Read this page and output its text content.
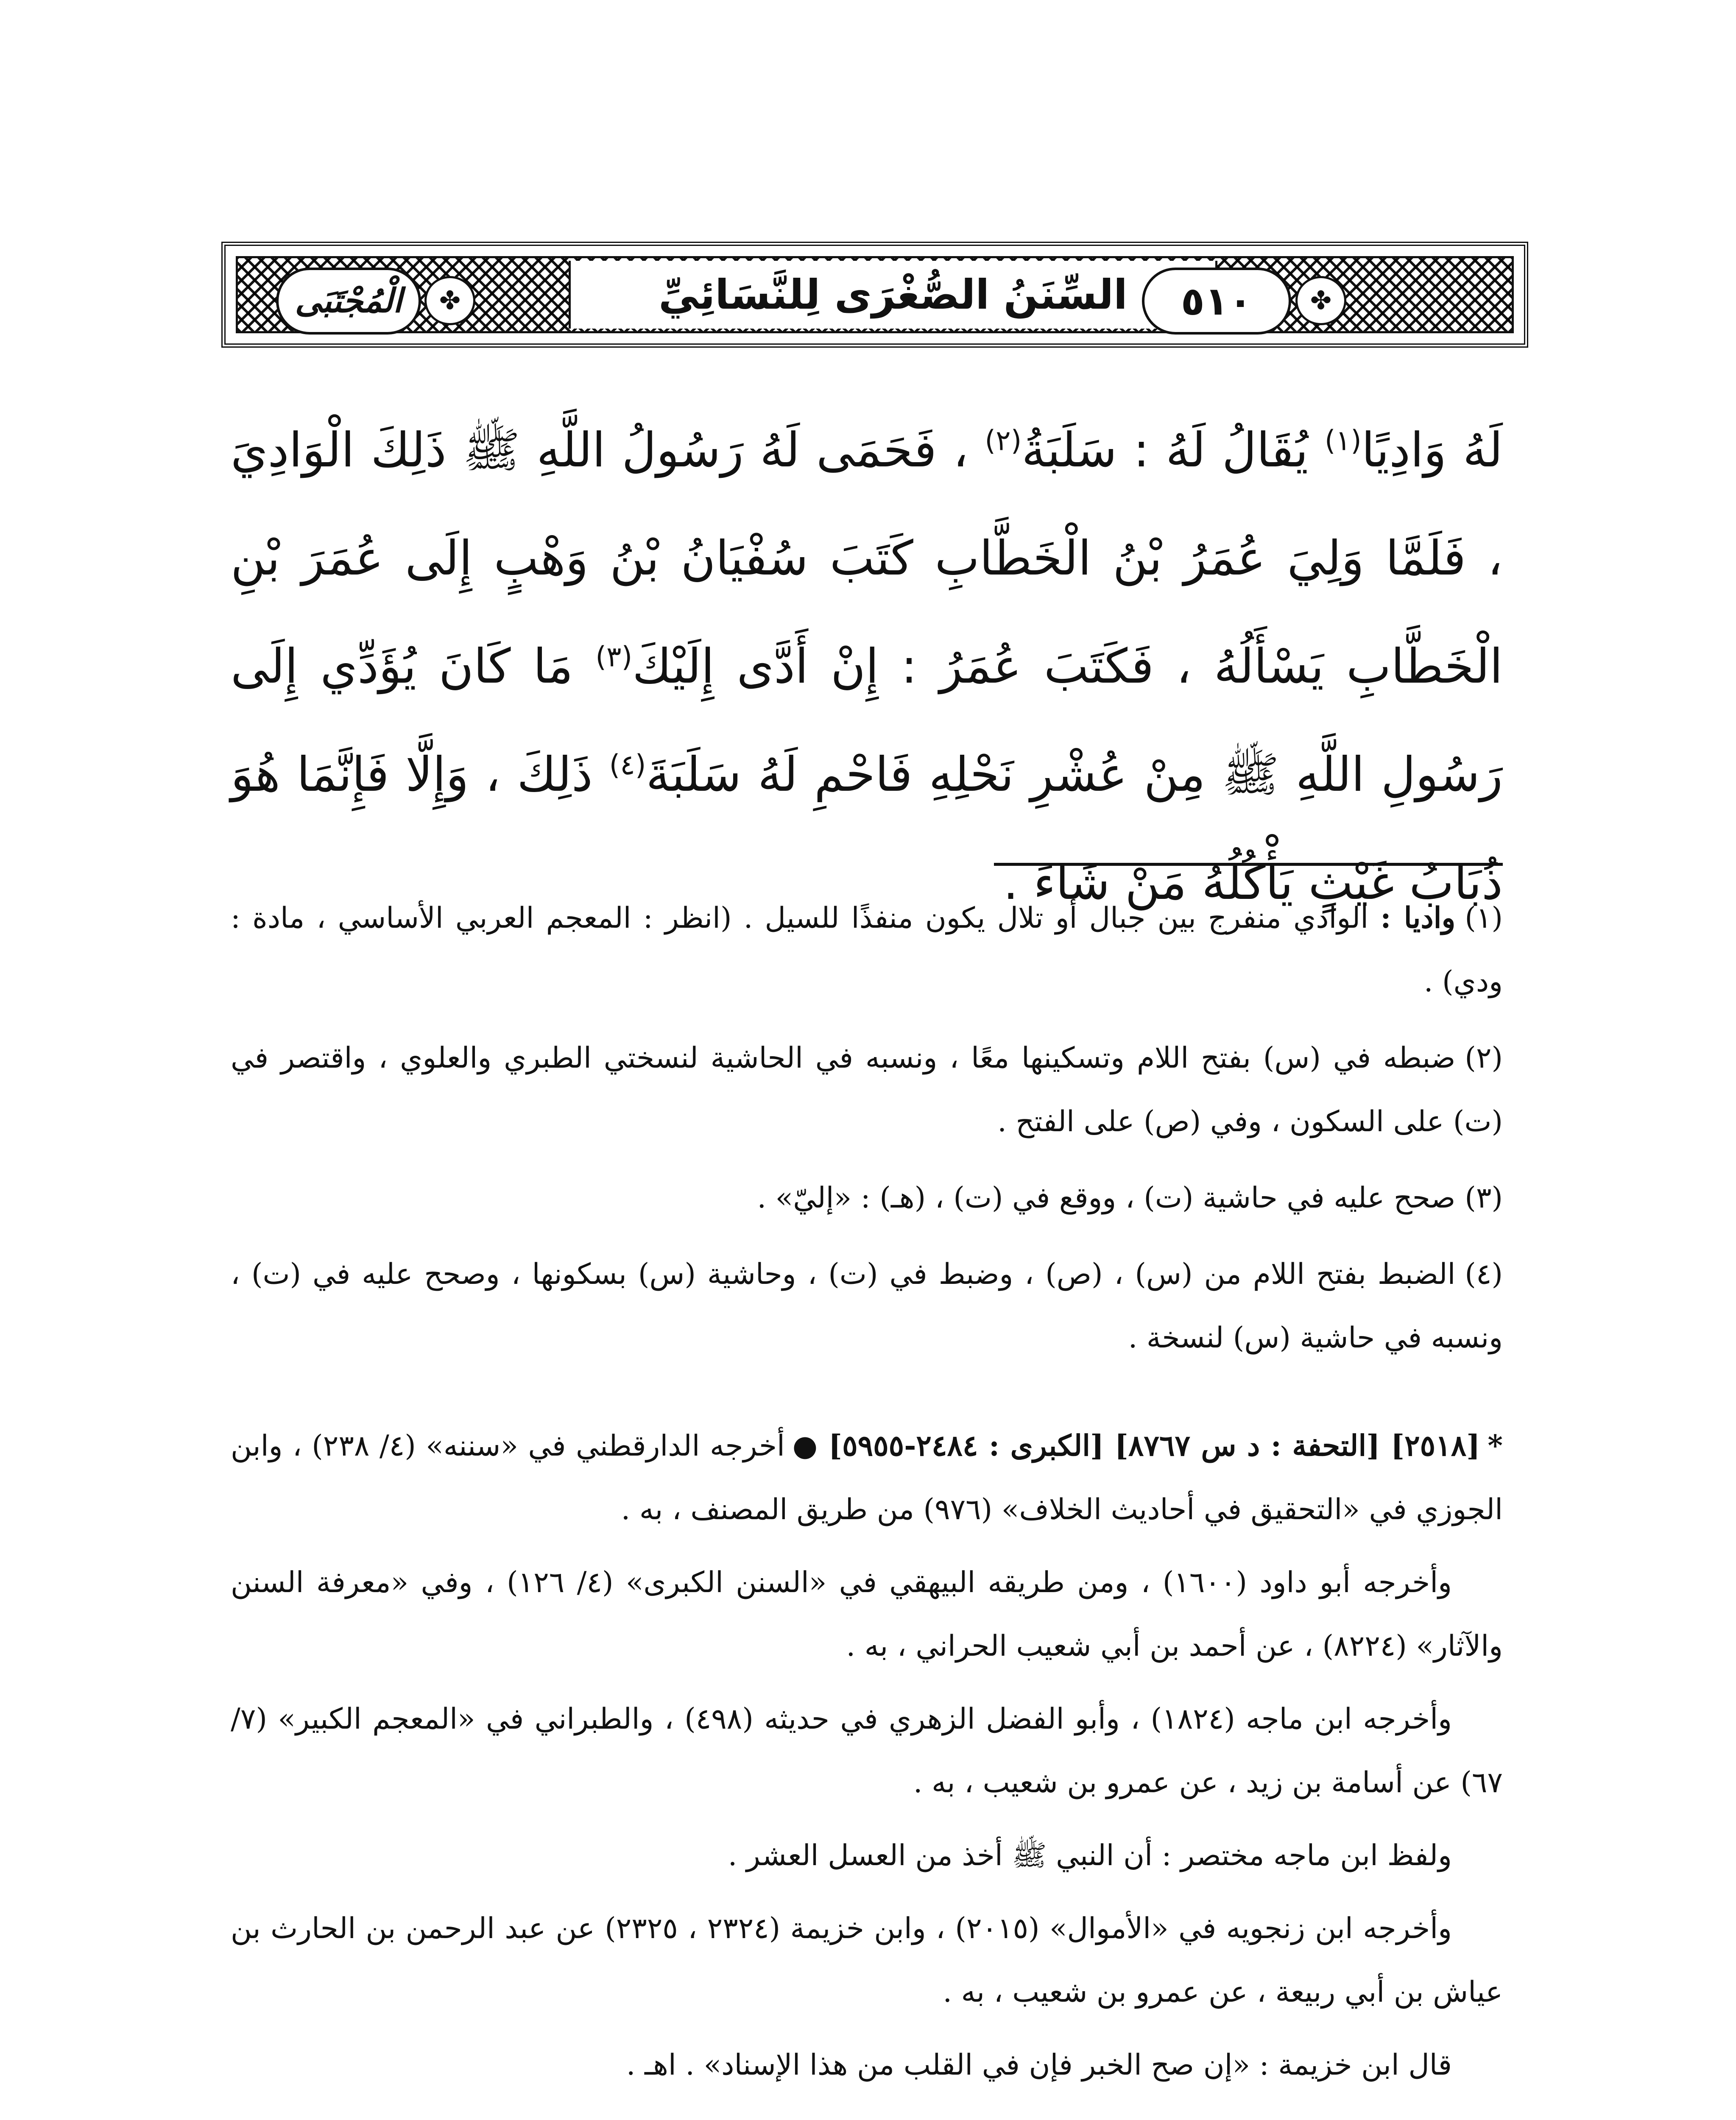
السِّنَنُ الصُّغْرَى لِلنَّسَائِيِّ	✤
٥١٠
✤
الْمُجْتَبَى

لَهُ وَادِيًا$^{(١)}$ يُقَالُ لَهُ : سَلَبَةُ$^{(٢)}$ ، فَحَمَى لَهُ رَسُولُ اللَّهِ ﷺ ذَلِكَ الْوَادِيَ ، فَلَمَّا وَلِيَ عُمَرُ بْنُ الْخَطَّابِ كَتَبَ سُفْيَانُ بْنُ وَهْبٍ إِلَى عُمَرَ بْنِ الْخَطَّابِ يَسْأَلُهُ ، فَكَتَبَ عُمَرُ : إِنْ أَدَّى إِلَيْكَ$^{(٣)}$ مَا كَانَ يُؤَدِّي إِلَى رَسُولِ اللَّهِ ﷺ مِنْ عُشْرِ نَحْلِهِ فَاحْمِ لَهُ سَلَبَةَ$^{(٤)}$ ذَلِكَ ، وَإِلَّا فَإِنَّمَا هُوَ ذُبَابُ غَيْثٍ يَأْكُلُهُ مَنْ شَاءَ .

(١)واديا : الوادي منفرج بين جبال أو تلال يكون منفذًا للسيل . (انظر : المعجم العربي الأساسي ، مادة : ودي) .

(٢)ضبطه في (س) بفتح اللام وتسكينها معًا ، ونسبه في الحاشية لنسختي الطبري والعلوي ، واقتصر في (ت) على السكون ، وفي (ص) على الفتح .

(٣)صحح عليه في حاشية (ت) ، ووقع في (ت) ، (هـ) : «إليّ» .

(٤)الضبط بفتح اللام من (س) ، (ص) ، وضبط في (ت) ، وحاشية (س) بسكونها ، وصحح عليه في (ت) ، ونسبه في حاشية (س) لنسخة .

*[٢٥١٨] [التحفة : د س ٨٧٦٧] [الكبرى : ٢٤٨٤-٥٩٥٥]●أخرجه الدارقطني في «سننه» (٤/ ٢٣٨) ، وابن الجوزي في «التحقيق في أحاديث الخلاف» (٩٧٦) من طريق المصنف ، به .

وأخرجه أبو داود (١٦٠٠) ، ومن طريقه البيهقي في «السنن الكبرى» (٤/ ١٢٦) ، وفي «معرفة السنن والآثار» (٨٢٢٤) ، عن أحمد بن أبي شعيب الحراني ، به .

وأخرجه ابن ماجه (١٨٢٤) ، وأبو الفضل الزهري في حديثه (٤٩٨) ، والطبراني في «المعجم الكبير» (٧/ ٦٧) عن أسامة بن زيد ، عن عمرو بن شعيب ، به .

ولفظ ابن ماجه مختصر : أن النبي ﷺ أخذ من العسل العشر .

وأخرجه ابن زنجويه في «الأموال» (٢٠١٥) ، وابن خزيمة (٢٣٢٤ ، ٢٣٢٥) عن عبد الرحمن بن الحارث بن عياش بن أبي ربيعة ، عن عمرو بن شعيب ، به .

قال ابن خزيمة : «إن صح الخبر فإن في القلب من هذا الإسناد» . اهـ .
